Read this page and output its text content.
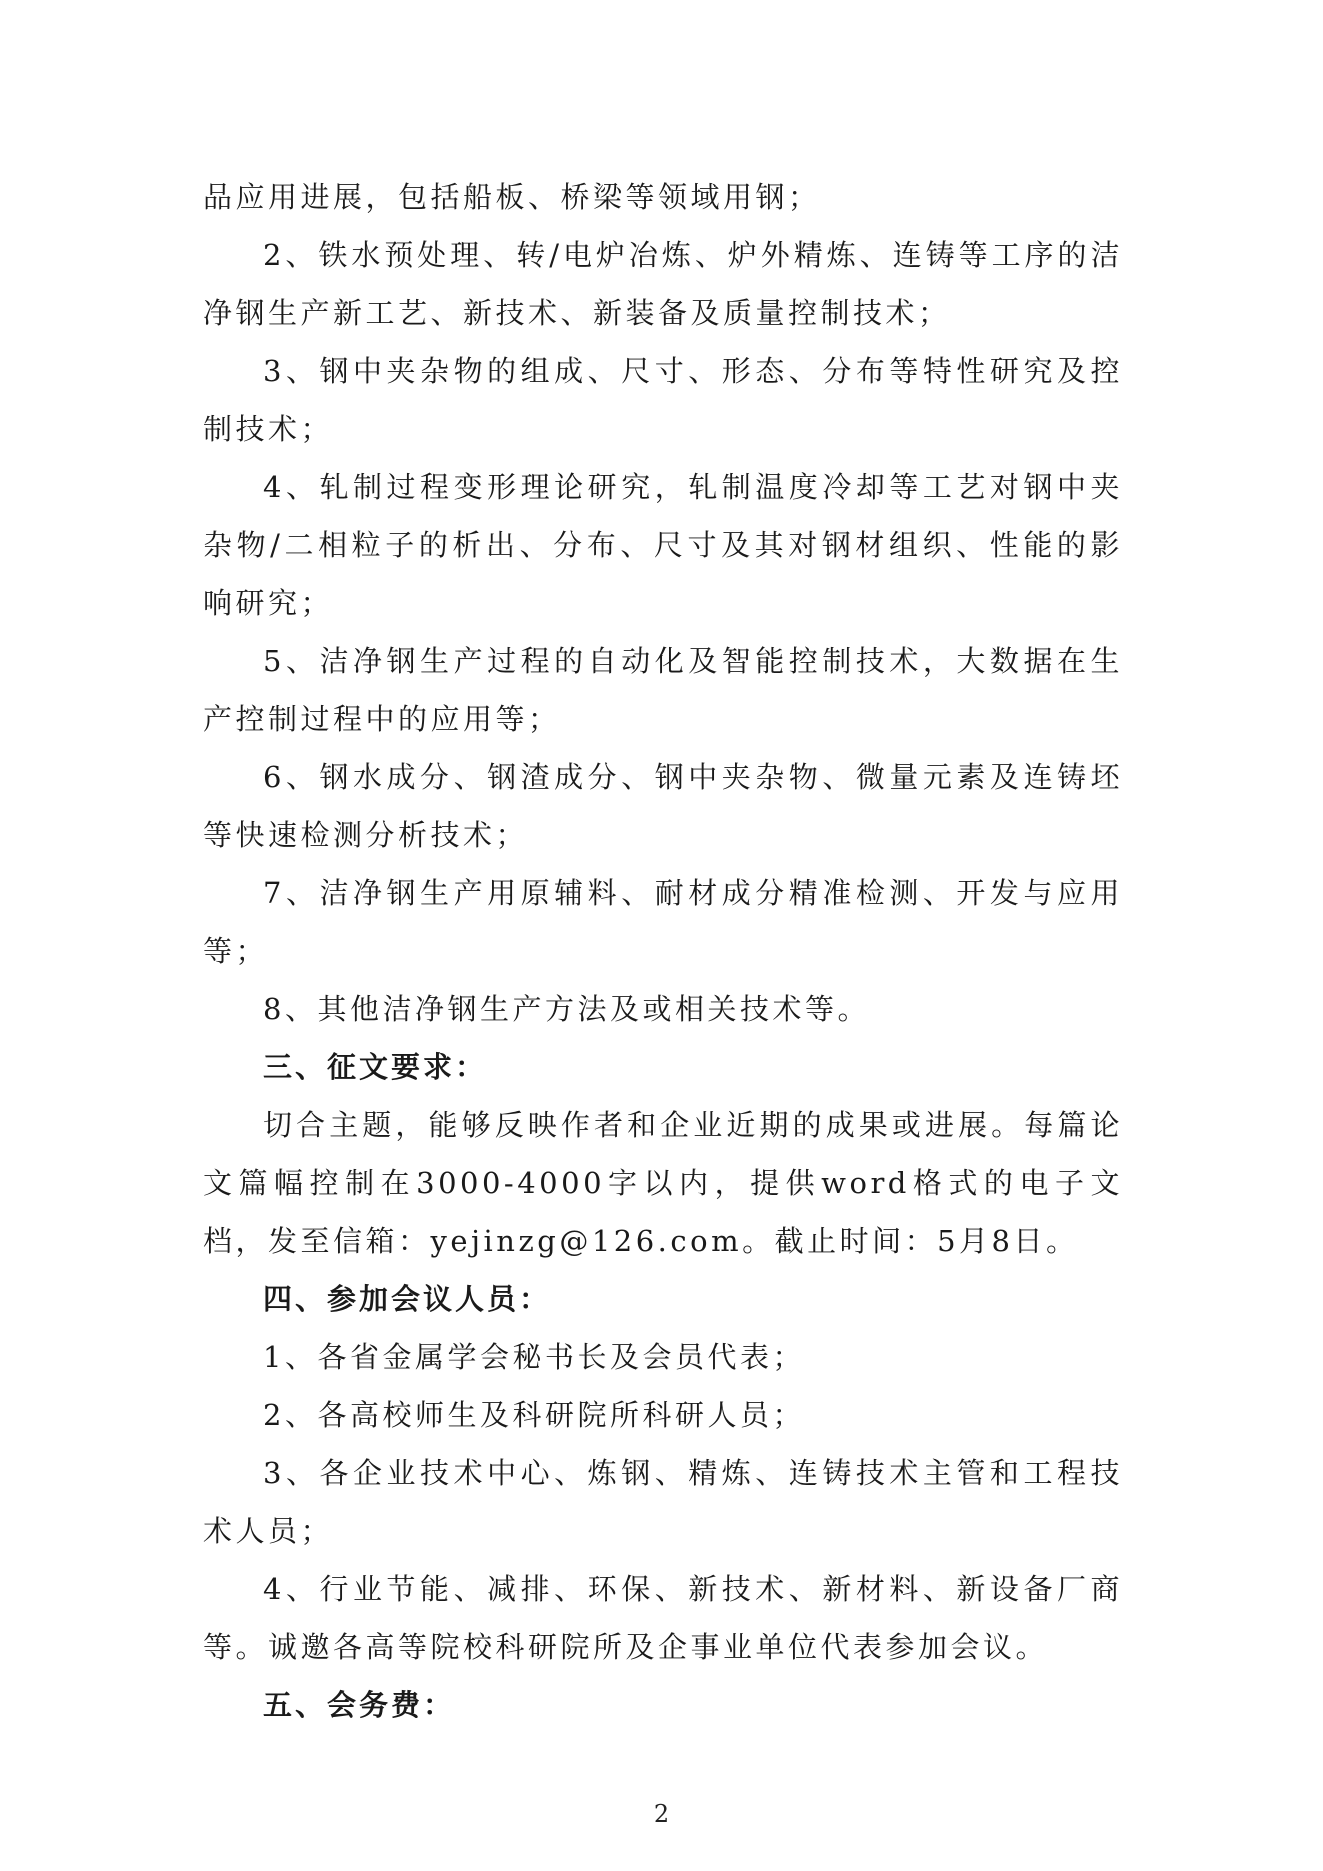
品应用进展，包括船板、桥梁等领域用钢；

2、铁水预处理、转/电炉冶炼、炉外精炼、连铸等工序的洁净钢生产新工艺、新技术、新装备及质量控制技术；

3、钢中夹杂物的组成、尺寸、形态、分布等特性研究及控制技术；

4、轧制过程变形理论研究，轧制温度冷却等工艺对钢中夹杂物/二相粒子的析出、分布、尺寸及其对钢材组织、性能的影响研究；

5、洁净钢生产过程的自动化及智能控制技术，大数据在生产控制过程中的应用等；

6、钢水成分、钢渣成分、钢中夹杂物、微量元素及连铸坯等快速检测分析技术；

7、洁净钢生产用原辅料、耐材成分精准检测、开发与应用等；

8、其他洁净钢生产方法及或相关技术等。

三、征文要求：

切合主题，能够反映作者和企业近期的成果或进展。每篇论文篇幅控制在3000-4000字以内，提供word格式的电子文档，发至信箱：yejinzg@126.com。截止时间：5月8日。

四、参加会议人员：

1、各省金属学会秘书长及会员代表；

2、各高校师生及科研院所科研人员；

3、各企业技术中心、炼钢、精炼、连铸技术主管和工程技术人员；

4、行业节能、减排、环保、新技术、新材料、新设备厂商等。诚邀各高等院校科研院所及企事业单位代表参加会议。

五、会务费：

2
